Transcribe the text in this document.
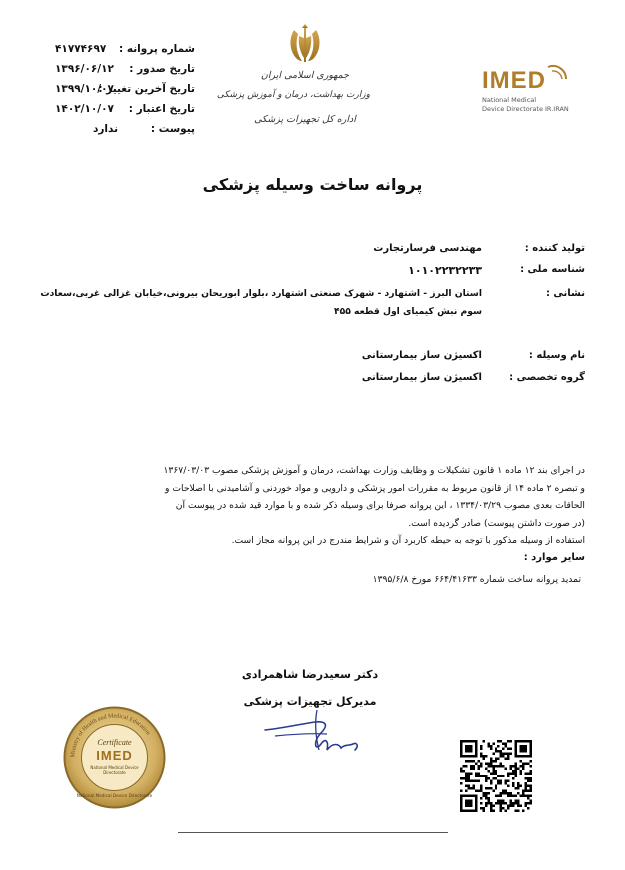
شماره پروانه :
۴۱۷۷۴۶۹۷
تاریخ صدور :
۱۳۹۶/۰۶/۱۲
تاریخ آخرین تغییر :
۱۳۹۹/۱۰/۰۷
تاریخ اعتبار :
۱۴۰۲/۱۰/۰۷
پیوست :
ندارد
جمهوری اسلامی ایران
وزارت بهداشت، درمان و آموزش پزشکی
اداره کل تجهیزات پزشکی
IMED
National Medical
Device Directorate IR.IRAN
پروانه ساخت وسیله پزشکی
تولید کننده :
مهندسی فرسارتجارت
شناسه ملی :
۱۰۱۰۲۲۳۲۲۳۳
نشانی :
استان البرز - اشتهارد - شهرک صنعتی اشتهارد ،بلوار ابوریحان بیرونی،خیابان غزالی غربی،سعادت
سوم نبش کیمیای اول قطعه ۴۵۵
نام وسیله :
اکسیژن ساز بیمارستانی
گروه تخصصی :
اکسیژن ساز بیمارستانی
در اجرای بند ۱۲ ماده ۱ قانون تشکیلات و وظایف وزارت بهداشت، درمان و آموزش پزشکی مصوب ۱۳۶۷/۰۳/۰۳
و تبصره ۲ ماده ۱۴ از قانون مربوط به مقررات امور پزشکی و دارویی و مواد خوردنی و آشامیدنی با اصلاحات و
الحاقات بعدی مصوب ۱۳۳۴/۰۳/۲۹ ، این پروانه صرفا برای وسیله ذکر شده و با موارد قید شده در پیوست آن
(در صورت داشتن پیوست) صادر گردیده است.
استفاده از وسیله مذکور با توجه به حیطه کاربرد آن و شرایط مندرج در این پروانه مجاز است.
سایر موارد :
تمدید پروانه ساخت شماره ۶۶۴/۴۱۶۳۳ مورخ ۱۳۹۵/۶/۸
دکتر سعیدرضا شاهمرادی
مدیرکل تجهیزات پزشکی
Ministry of Health and Medical Education
Certificate
IMED
National Medical Device Directorate
National Medical Device Directorate
